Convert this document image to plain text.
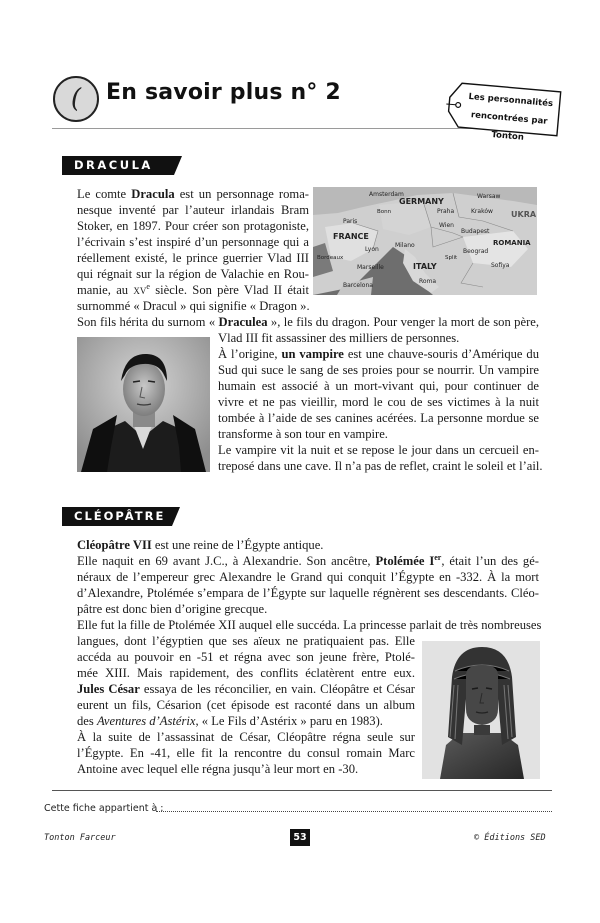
( En savoir plus n° 2	Les personnalités
rencontrées par Tonton
DRACULA
Amsterdam
GERMANY
Warsaw
UKRA
Bonn	Praha	Kraków
Paris
FRANCE
Wien
Budapest
Lyon
Milano	ROMANIA
Beograd
ITALY	Sofiya
Roma
Bordeaux
Marseille
Barcelona
Split
Le comte Dracula est un personnage roma-
nesque inventé par l’auteur irlandais Bram
Stoker, en 1897. Pour créer son protagoniste,
l’écrivain s’est inspiré d’un personnage qui a
réellement existé, le prince guerrier Vlad III
qui régnait sur la région de Valachie en Rou-
manie, au $xv^e$ siècle. Son père Vlad II était
surnommé « Dracul » qui signifie « Dragon ».
Son fils hérita du surnom « Draculea », le fils du dragon. Pour venger la mort de son père,
Vlad III fit assassiner des milliers de personnes.
À l’origine, un vampire est une chauve-souris d’Amérique du
Sud qui suce le sang de ses proies pour se nourrir. Un vampire
humain est associé à un mort-vivant qui, pour continuer de
vivre et ne pas vieillir, mord le cou de ses victimes à la nuit
tombée à l’aide de ses canines acérées. La personne mordue se
transforme à son tour en vampire.
Le vampire vit la nuit et se repose le jour dans un cercueil en-
treposé dans une cave. Il n’a pas de reflet, craint le soleil et l’ail.
CLÉOPÂTRE
Cléopâtre VII est une reine de l’Égypte antique.
Elle naquit en 69 avant J.C., à Alexandrie. Son ancêtre, Ptolémée Ier, était l’un des gé-
néraux de l’empereur grec Alexandre le Grand qui conquit l’Égypte en -332. À la mort
d’Alexandre, Ptolémée s’empara de l’Égypte sur laquelle régnèrent ses descendants. Cléo-
pâtre est donc bien d’origine grecque.
Elle fut la fille de Ptolémée XII auquel elle succéda. La princesse parlait de très nombreuses
langues, dont l’égyptien que ses aïeux ne pratiquaient pas. Elle
accéda au pouvoir en -51 et régna avec son jeune frère, Ptolé-
mée XIII. Mais rapidement, des conflits éclatèrent entre eux.
Jules César essaya de les réconcilier, en vain. Cléopâtre et César
eurent un fils, Césarion (cet épisode est raconté dans un album
des Aventures d’Astérix, « Le Fils d’Astérix » paru en 1983).
À la suite de l’assassinat de César, Cléopâtre régna seule sur
l’Égypte. En -41, elle fit la rencontre du consul romain Marc
Antoine avec lequel elle régna jusqu’à leur mort en -30.
Cette fiche appartient à :
Tonton Farceur	53	© Éditions SED
